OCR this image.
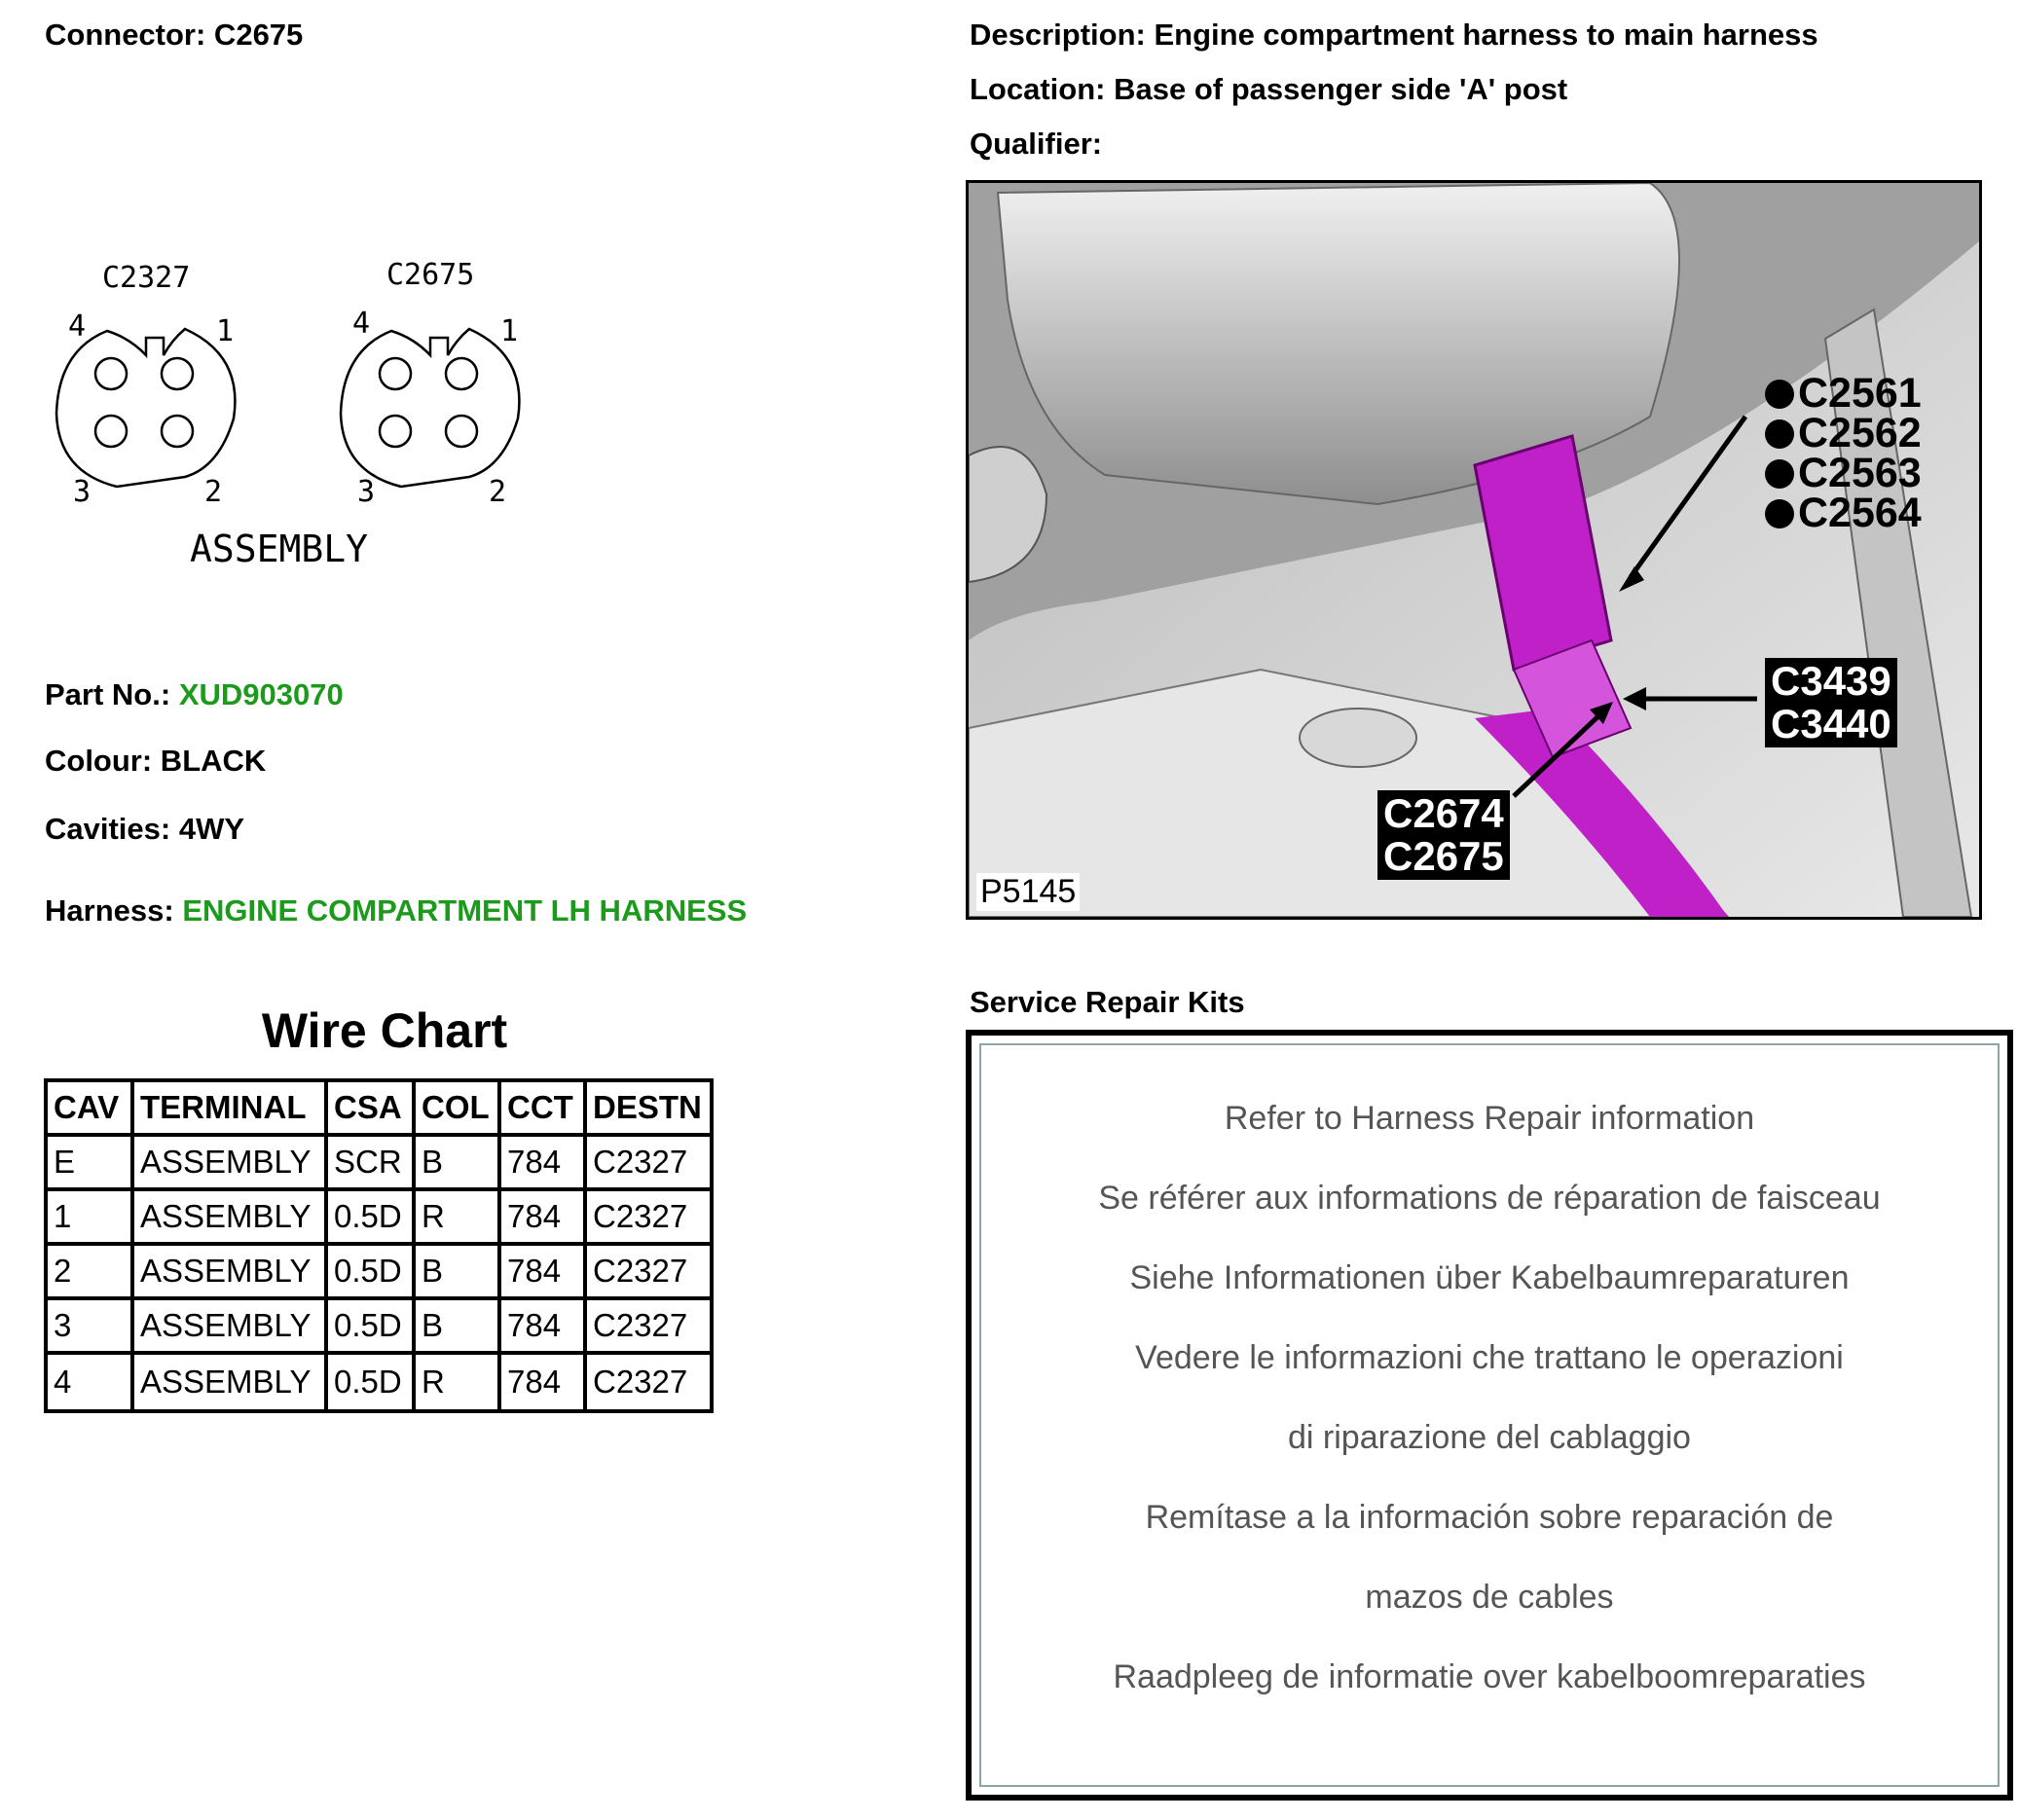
Connector: C2675	Description: Engine compartment harness to main harness
Location: Base of passenger side 'A' post
Qualifier:
C2327
4	1
3	2
C2675
4	1
3	2
ASSEMBLY
Part No.: XUD903070
Colour: BLACK
Cavities: 4WY
Harness: ENGINE COMPARTMENT LH HARNESS
Wire Chart
CAV	TERMINAL	CSA	COL	CCT	DESTN
E	ASSEMBLY	SCR	B	784	C2327
1	ASSEMBLY	0.5D	R	784	C2327
2	ASSEMBLY	0.5D	B	784	C2327
3	ASSEMBLY	0.5D	B	784	C2327
4	ASSEMBLY	0.5D	R	784	C2327
C2561
C2562
C2563
C2564
C3439
C3440
C2674
C2675
P5145
Service Repair Kits
Refer to Harness Repair information
Se référer aux informations de réparation de faisceau
Siehe Informationen über Kabelbaumreparaturen
Vedere le informazioni che trattano le operazioni
di riparazione del cablaggio
Remítase a la información sobre reparación de
mazos de cables
Raadpleeg de informatie over kabelboomreparaties
